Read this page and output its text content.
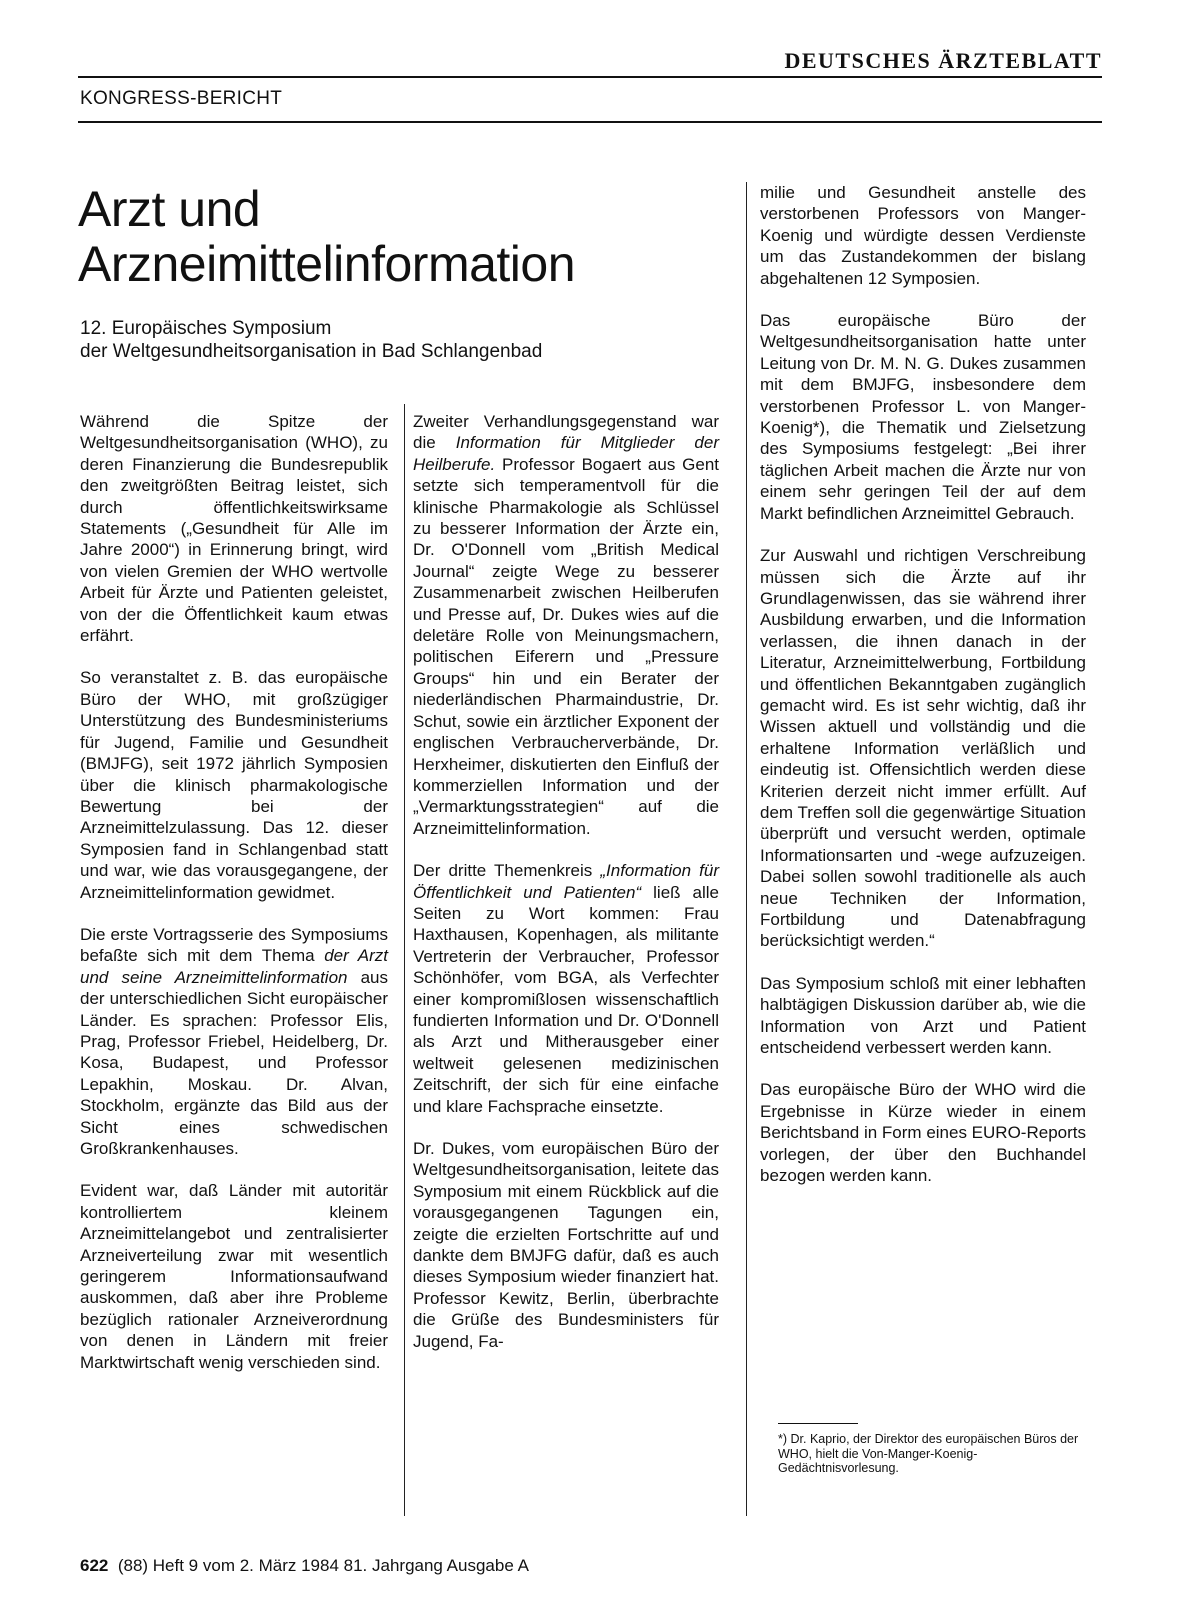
DEUTSCHES ÄRZTEBLATT
KONGRESS-BERICHT
Arzt und
Arzneimittelinformation
12. Europäisches Symposium
der Weltgesundheitsorganisation in Bad Schlangenbad

Während die Spitze der Weltgesundheitsorganisation (WHO), zu deren Finanzierung die Bundesrepublik den zweitgrößten Beitrag leistet, sich durch öffentlichkeitswirksame Statements („Gesundheit für Alle im Jahre 2000“) in Erinnerung bringt, wird von vielen Gremien der WHO wertvolle Arbeit für Ärzte und Patienten geleistet, von der die Öffentlichkeit kaum etwas erfährt.

So veranstaltet z. B. das europäische Büro der WHO, mit großzügiger Unterstützung des Bundesministeriums für Jugend, Familie und Gesundheit (BMJFG), seit 1972 jährlich Symposien über die klinisch pharmakologische Bewertung bei der Arzneimittelzulassung. Das 12. dieser Symposien fand in Schlangenbad statt und war, wie das vorausgegangene, der Arzneimittelinformation gewidmet.

Die erste Vortragsserie des Symposiums befaßte sich mit dem Thema der Arzt und seine Arzneimittelinformation aus der unterschiedlichen Sicht europäischer Länder. Es sprachen: Professor Elis, Prag, Professor Friebel, Heidelberg, Dr. Kosa, Budapest, und Professor Lepakhin, Moskau. Dr. Alvan, Stockholm, ergänzte das Bild aus der Sicht eines schwedischen Großkrankenhauses.

Evident war, daß Länder mit autoritär kontrolliertem kleinem Arzneimittelangebot und zentralisierter Arzneiverteilung zwar mit wesentlich geringerem Informationsaufwand auskommen, daß aber ihre Probleme bezüglich rationaler Arzneiverordnung von denen in Ländern mit freier Marktwirtschaft wenig verschieden sind.

Zweiter Verhandlungsgegenstand war die Information für Mitglieder der Heilberufe. Professor Bogaert aus Gent setzte sich temperamentvoll für die klinische Pharmakologie als Schlüssel zu besserer Information der Ärzte ein, Dr. O'Donnell vom „British Medical Journal“ zeigte Wege zu besserer Zusammenarbeit zwischen Heilberufen und Presse auf, Dr. Dukes wies auf die deletäre Rolle von Meinungsmachern, politischen Eiferern und „Pressure Groups“ hin und ein Berater der niederländischen Pharmaindustrie, Dr. Schut, sowie ein ärztlicher Exponent der englischen Verbraucherverbände, Dr. Herxheimer, diskutierten den Einfluß der kommerziellen Information und der „Vermarktungsstrategien“ auf die Arzneimittelinformation.

Der dritte Themenkreis „Information für Öffentlichkeit und Patienten“ ließ alle Seiten zu Wort kommen: Frau Haxthausen, Kopenhagen, als militante Vertreterin der Verbraucher, Professor Schönhöfer, vom BGA, als Verfechter einer kompromißlosen wissenschaftlich fundierten Information und Dr. O'Donnell als Arzt und Mitherausgeber einer weltweit gelesenen medizinischen Zeitschrift, der sich für eine einfache und klare Fachsprache einsetzte.

Dr. Dukes, vom europäischen Büro der Weltgesundheitsorganisation, leitete das Symposium mit einem Rückblick auf die vorausgegangenen Tagungen ein, zeigte die erzielten Fortschritte auf und dankte dem BMJFG dafür, daß es auch dieses Symposium wieder finanziert hat. Professor Kewitz, Berlin, überbrachte die Grüße des Bundesministers für Jugend, Fa-

milie und Gesundheit anstelle des verstorbenen Professors von Manger-Koenig und würdigte dessen Verdienste um das Zustandekommen der bislang abgehaltenen 12 Symposien.

Das europäische Büro der Weltgesundheitsorganisation hatte unter Leitung von Dr. M. N. G. Dukes zusammen mit dem BMJFG, insbesondere dem verstorbenen Professor L. von Manger-Koenig*), die Thematik und Zielsetzung des Symposiums festgelegt: „Bei ihrer täglichen Arbeit machen die Ärzte nur von einem sehr geringen Teil der auf dem Markt befindlichen Arzneimittel Gebrauch.

Zur Auswahl und richtigen Verschreibung müssen sich die Ärzte auf ihr Grundlagenwissen, das sie während ihrer Ausbildung erwarben, und die Information verlassen, die ihnen danach in der Literatur, Arzneimittelwerbung, Fortbildung und öffentlichen Bekanntgaben zugänglich gemacht wird. Es ist sehr wichtig, daß ihr Wissen aktuell und vollständig und die erhaltene Information verläßlich und eindeutig ist. Offensichtlich werden diese Kriterien derzeit nicht immer erfüllt. Auf dem Treffen soll die gegenwärtige Situation überprüft und versucht werden, optimale Informationsarten und -wege aufzuzeigen. Dabei sollen sowohl traditionelle als auch neue Techniken der Information, Fortbildung und Datenabfragung berücksichtigt werden.“

Das Symposium schloß mit einer lebhaften halbtägigen Diskussion darüber ab, wie die Information von Arzt und Patient entscheidend verbessert werden kann.

Das europäische Büro der WHO wird die Ergebnisse in Kürze wieder in einem Berichtsband in Form eines EURO-Reports vorlegen, der über den Buchhandel bezogen werden kann.

*) Dr. Kaprio, der Direktor des europäischen Büros der WHO, hielt die Von-Manger-Koenig-Gedächtnisvorlesung.
622 (88) Heft 9 vom 2. März 1984 81. Jahrgang Ausgabe A
